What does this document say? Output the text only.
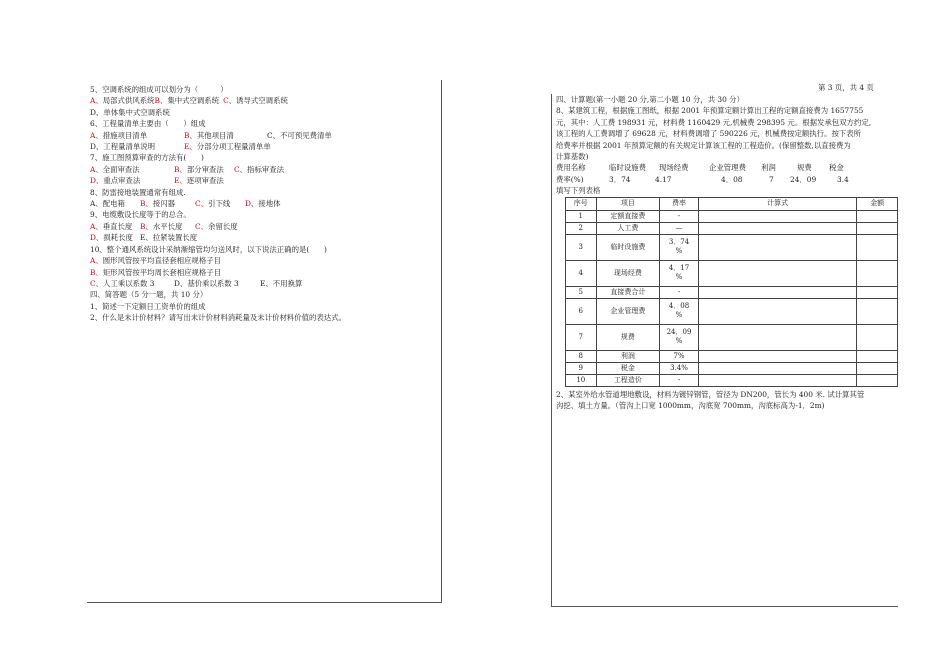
第 3 页，共 4 页
5、空调系统的组成可以划分为（　　　）
A、局部式供风系统B、集中式空调系统 C、诱导式空调系统
D、单体集中式空调系统
6、工程量清单主要由（　　）组成
A、措施项目清单	B、其他项目清	C、不可预见费清单
D、工程量清单说明	E、分部分项工程量清单单
7、施工图预算审查的方法有(　　)
A、全面审查法	B、部分审查法 C、指标审查法
D、重点审查法	E、逐项审查法
8、防雷接地装置通常有组成.
A、配电箱 B、接闪器	C、引下线 D、接地体
9、电缆敷设长度等于的总合。
A、垂直长度 B、水平长度 C、余留长度
D、损耗长度 E、拉紧装置长度
10、整个通风系统设计采纳渐缩管均匀送风时，以下说法正确的是(　　)
A、圆形风管按平均直径套相应规格子目
B、矩形风管按平均周长套相应规格子目
C、人工乘以系数 3	D、基价乘以系数 3	E、不用换算
四、简答题（5 分一题，共 10 分）
1、简述一下定额日工资单价的组成
2、什么是未计价材料？请写出未计价材料消耗量及未计价材料价值的表达式。
四、计算题(第一小题 20 分,第二小题 10 分，共 30 分）
8、某建筑工程，根据施工图纸，根据 2001 年预算定额计算出工程的定额直接费为 1657755
元，其中：人工费 198931 元，材料费 1160429 元,机械费 298395 元。根据发承包双方约定,
该工程的人工费调增了 69628 元，材料费调增了 590226 元，机械费按定额执行。按下表所
给费率并根据 2001 年预算定额的有关规定计算该工程的工程造价。(保留整数,以直接费为
计算基数)
费用名称	临时设施费	现场经费	企业管理费	利润	规费	税金
费率(%)	3．74	4.17	4．08	7	24．09	3.4
填写下列表格
序号	项目	费率	计算式	金额
1	定额直接费	-		
2	人工费	—		
3	临时设施费	3．74
%		
4	现场经费	4．17
%		
5	直接费合计	-		
6	企业管理费	4．08
%		
7	规费	24．09
%		
8	利润	7%		
9	税金	3.4%		
10	工程造价	-		
2、某室外给水管道埋地敷设，材料为镀锌钢管，管径为 DN200，管长为 400 米. 试计算其管
沟挖、填土方量。（管沟上口宽 1000mm，沟底宽 700mm，沟底标高为-1．2m)
